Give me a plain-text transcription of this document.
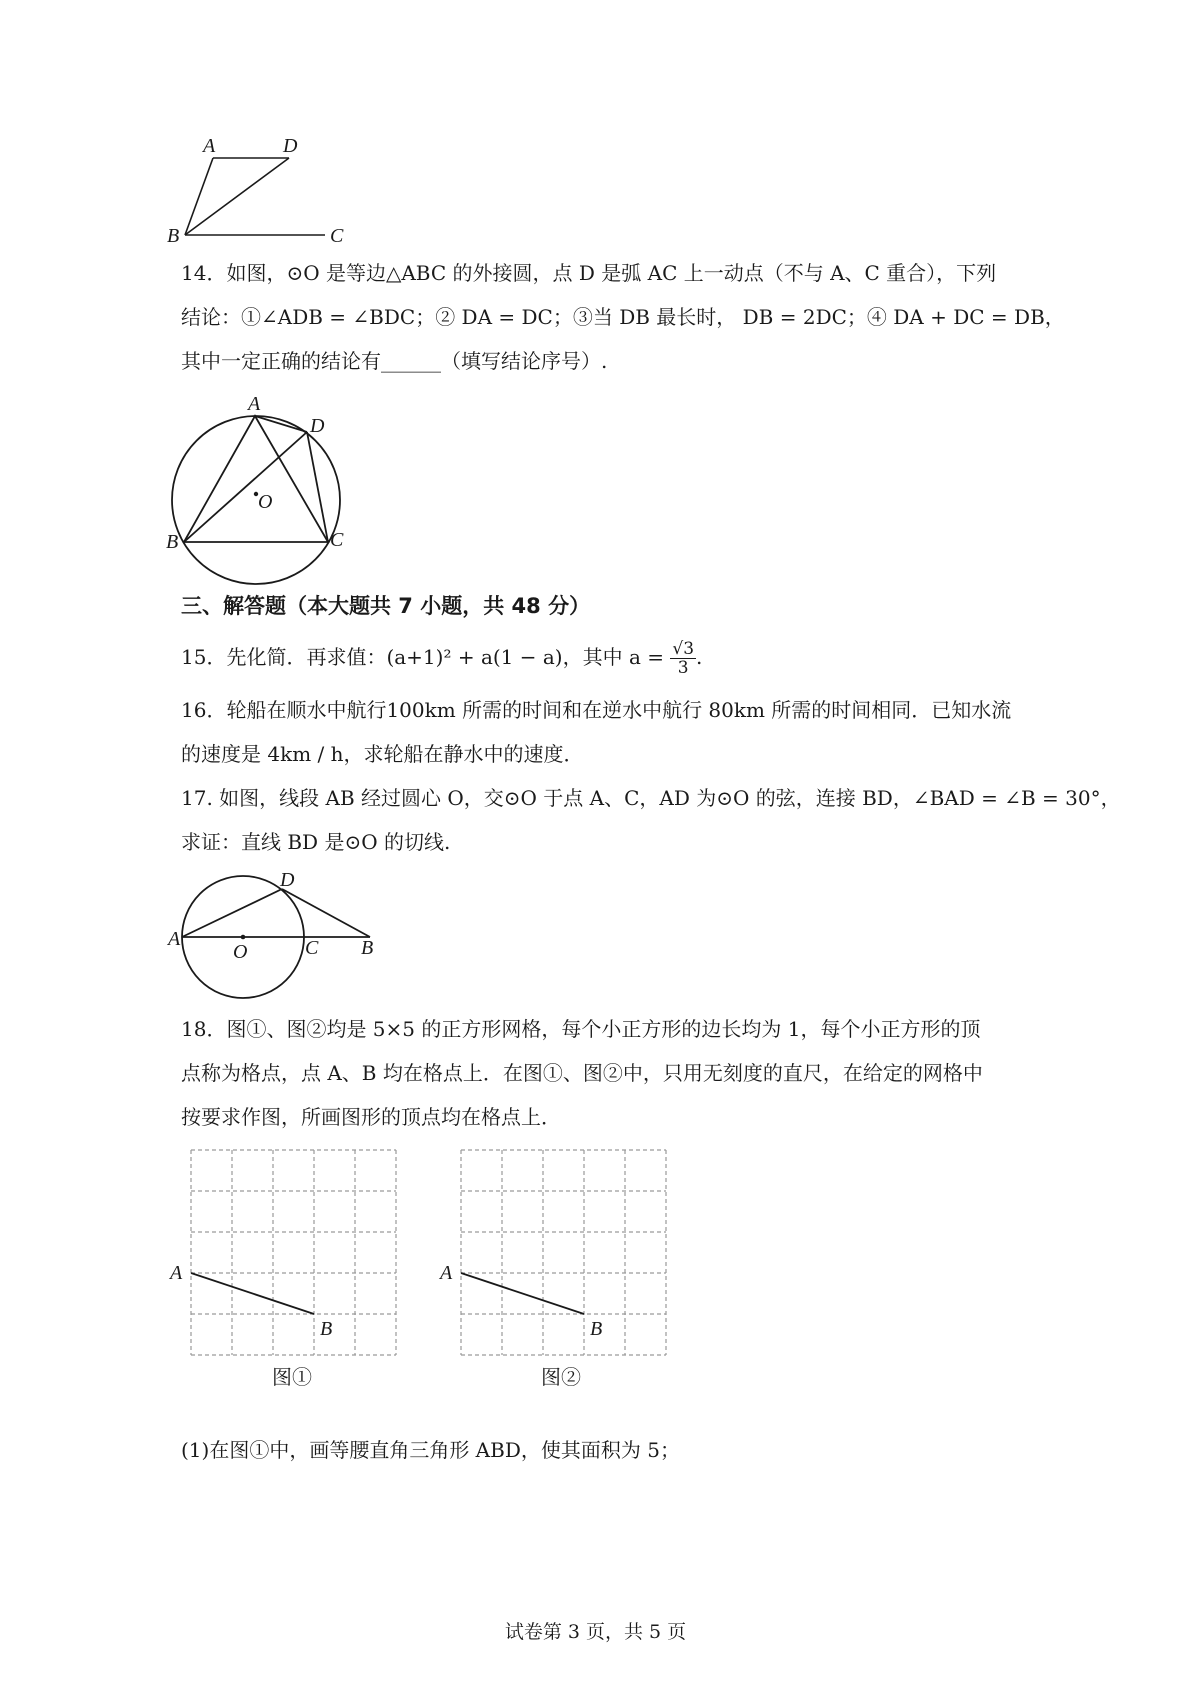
A	D
B	C
14．如图，⊙O 是等边△ABC 的外接圆，点 D 是弧 AC 上一动点（不与 A、C 重合），下列
结论：①∠ADB = ∠BDC；② DA = DC；③当 DB 最长时， DB = 2DC；④ DA + DC = DB，
其中一定正确的结论有______（填写结论序号）.
A
D
B	C
O
三、解答题（本大题共 7 小题，共 48 分）
15．先化简．再求值：(a+1)² + a(1 − a)，其中 $a = \frac{√3}{3}$ .
16．轮船在顺水中航行100km 所需的时间和在逆水中航行 80km 所需的时间相同．已知水流
的速度是 4km / h，求轮船在静水中的速度．
17. 如图，线段 AB 经过圆心 O，交⊙O 于点 A、C，AD 为⊙O 的弦，连接 BD，∠BAD = ∠B = 30°，
求证：直线 BD 是⊙O 的切线.
A
O	C B
D
18．图①、图②均是 5×5 的正方形网格，每个小正方形的边长均为 1，每个小正方形的顶
点称为格点，点 A、B 均在格点上．在图①、图②中，只用无刻度的直尺，在给定的网格中
按要求作图，所画图形的顶点均在格点上．
A
B
图①
A
B
图②
(1)在图①中，画等腰直角三角形 ABD，使其面积为 5；
试卷第 3 页，共 5 页
